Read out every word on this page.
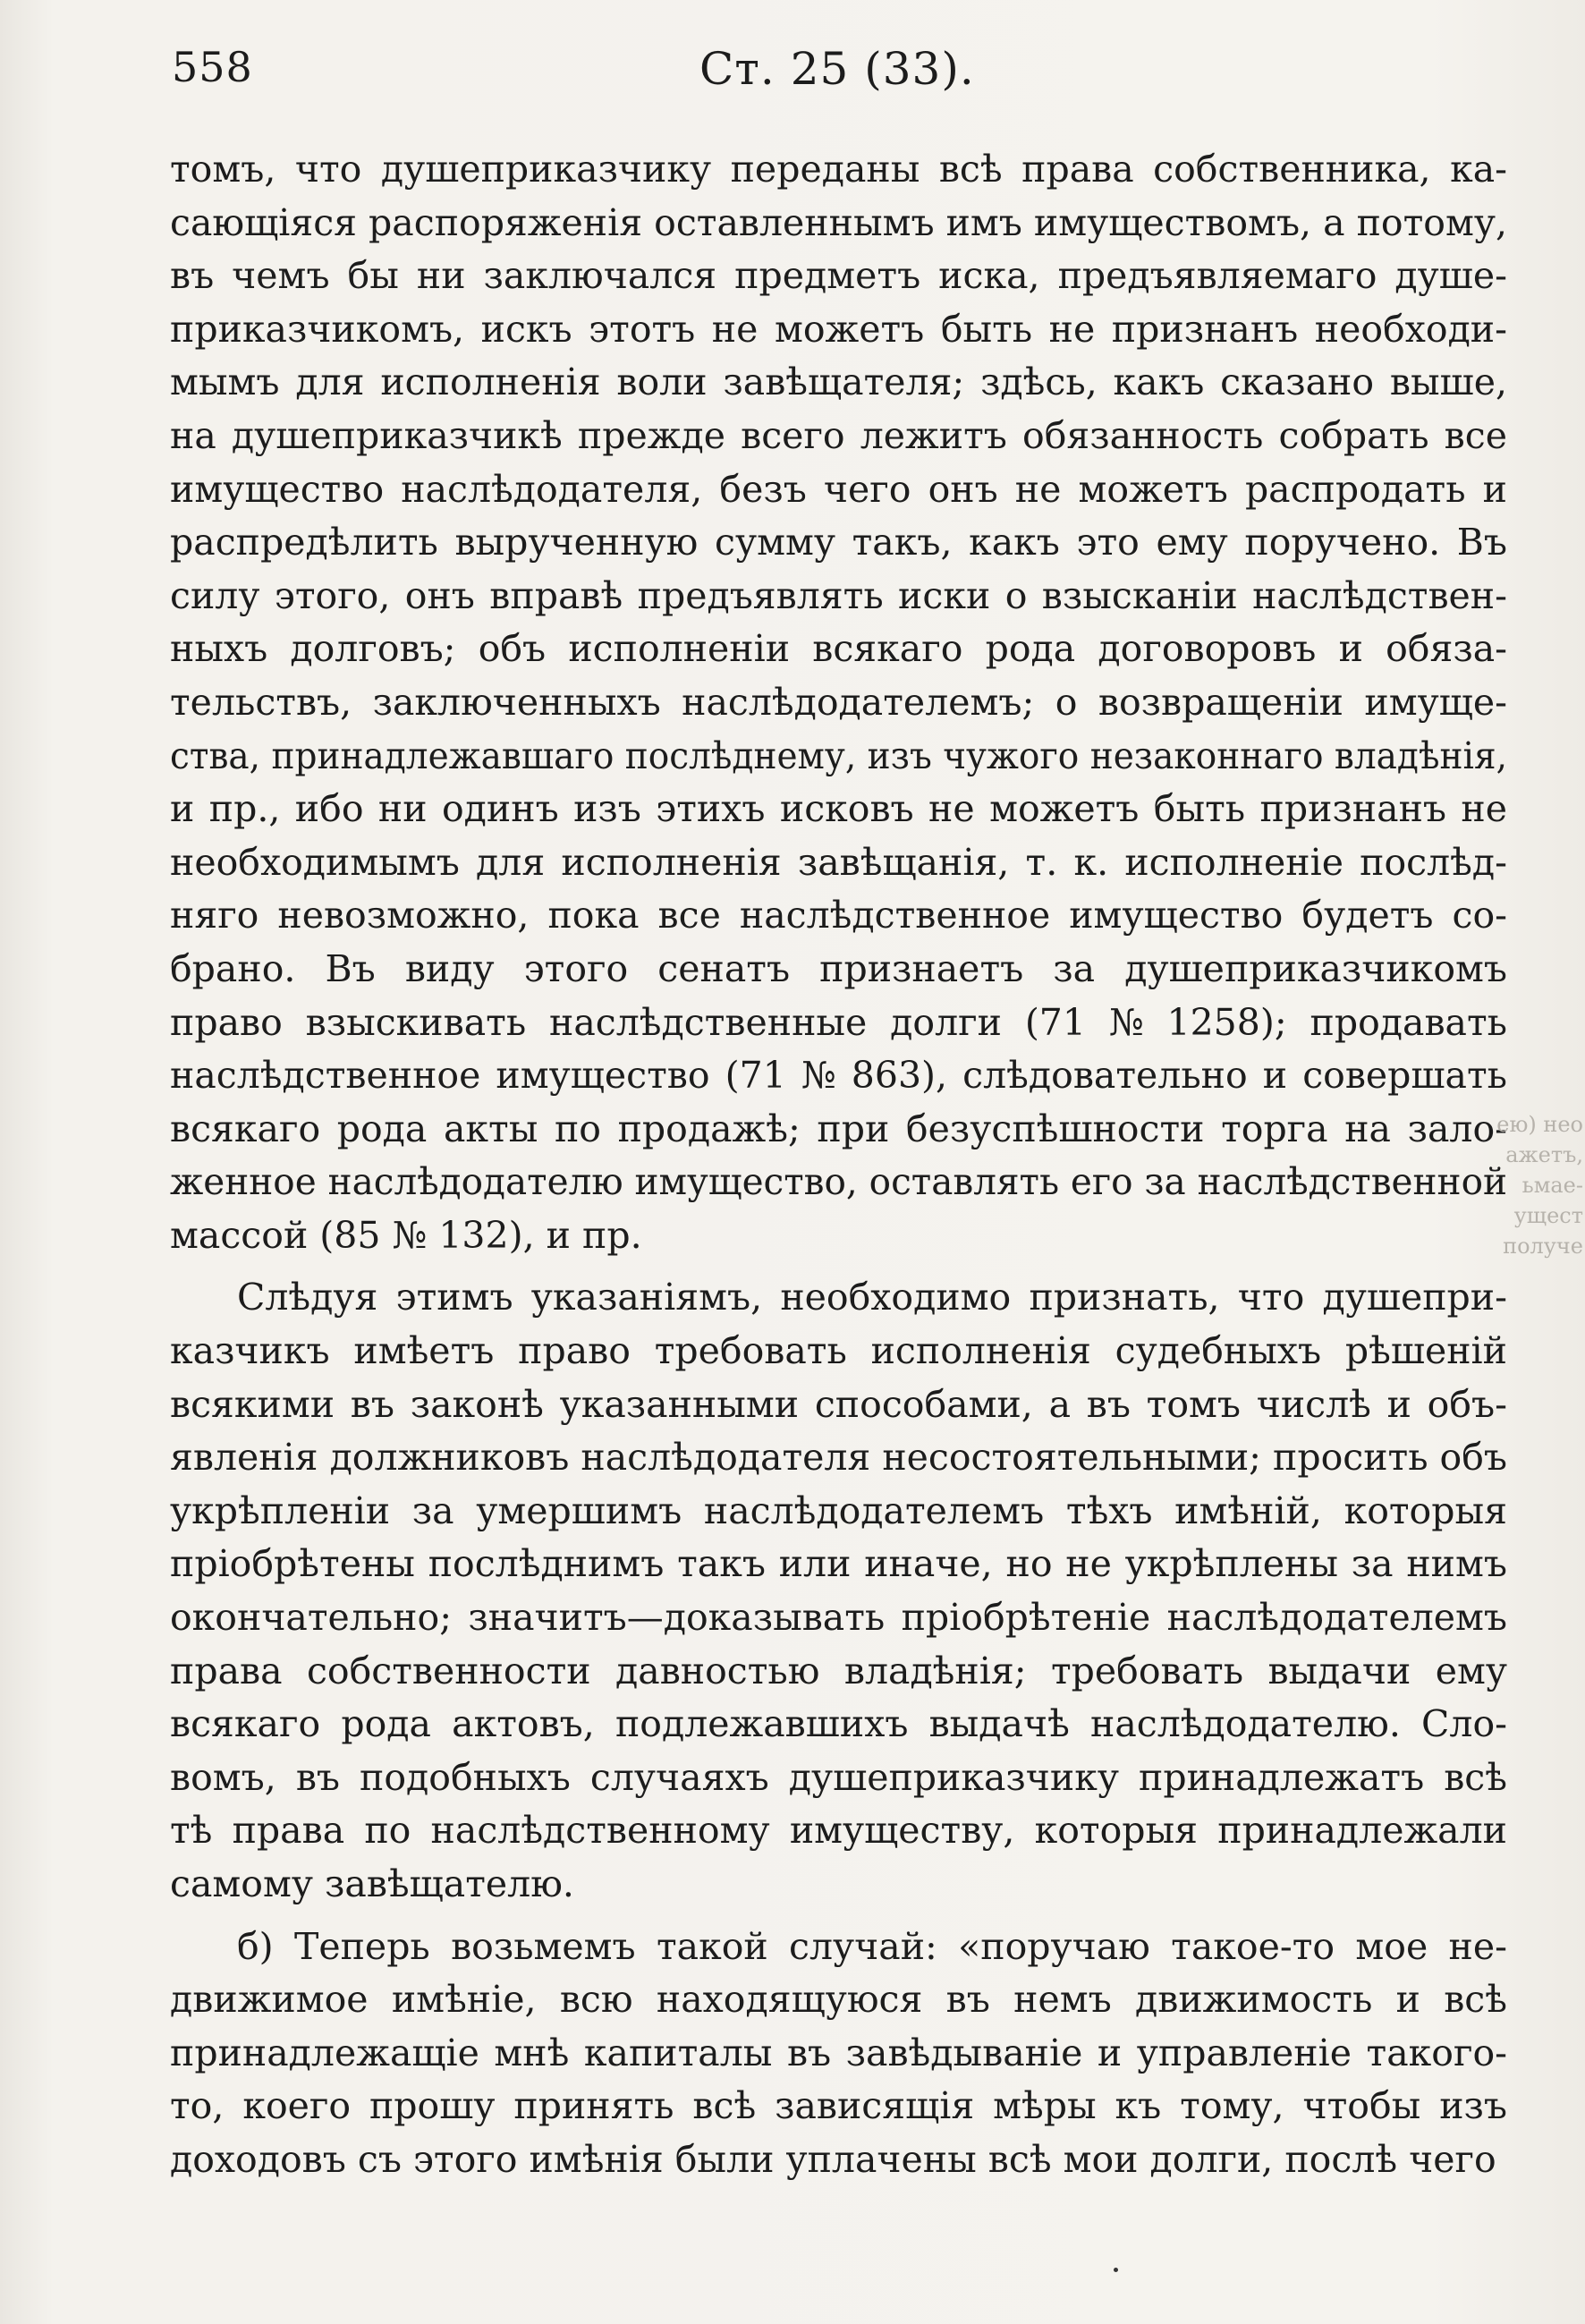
558	Ст. 25 (33).

томъ, что душеприказчику переданы всѣ права собственника, ка-
сающіяся распоряженія оставленнымъ имъ имуществомъ, а потому,
въ чемъ бы ни заключался предметъ иска, предъявляемаго душе-
приказчикомъ, искъ этотъ не можетъ быть не признанъ необходи-
мымъ для исполненія воли завѣщателя; здѣсь, какъ сказано выше,
на душеприказчикѣ прежде всего лежитъ обязанность собрать все
имущество наслѣдодателя, безъ чего онъ не можетъ распродать и
распредѣлить вырученную сумму такъ, какъ это ему поручено. Въ
силу этого, онъ вправѣ предъявлять иски о взысканіи наслѣдствен-
ныхъ долговъ; объ исполненіи всякаго рода договоровъ и обяза-
тельствъ, заключенныхъ наслѣдодателемъ; о возвращеніи имуще-
ства, принадлежавшаго послѣднему, изъ чужого незаконнаго владѣнія,
и пр., ибо ни одинъ изъ этихъ исковъ не можетъ быть признанъ не
необходимымъ для исполненія завѣщанія, т. к. исполненіе послѣд-
няго невозможно, пока все наслѣдственное имущество будетъ со-
брано. Въ виду этого сенатъ признаетъ за душеприказчикомъ
право взыскивать наслѣдственные долги (71 № 1258); продавать
наслѣдственное имущество (71 № 863), слѣдовательно и совершать
всякаго рода акты по продажѣ; при безуспѣшности торга на зало-
женное наслѣдодателю имущество, оставлять его за наслѣдственной
массой (85 № 132), и пр.

Слѣдуя этимъ указаніямъ, необходимо признать, что душепри-
казчикъ имѣетъ право требовать исполненія судебныхъ рѣшеній
всякими въ законѣ указанными способами, а въ томъ числѣ и объ-
явленія должниковъ наслѣдодателя несостоятельными; просить объ
укрѣпленіи за умершимъ наслѣдодателемъ тѣхъ имѣній, которыя
пріобрѣтены послѣднимъ такъ или иначе, но не укрѣплены за нимъ
окончательно; значитъ—доказывать пріобрѣтеніе наслѣдодателемъ
права собственности давностью владѣнія; требовать выдачи ему
всякаго рода актовъ, подлежавшихъ выдачѣ наслѣдодателю. Сло-
вомъ, въ подобныхъ случаяхъ душеприказчику принадлежатъ всѣ
тѣ права по наслѣдственному имуществу, которыя принадлежали
самому завѣщателю.

б) Теперь возьмемъ такой случай: «поручаю такое-то мое не-
движимое имѣніе, всю находящуюся въ немъ движимость и всѣ
принадлежащіе мнѣ капиталы въ завѣдываніе и управленіе такого-
то, коего прошу принять всѣ зависящія мѣры къ тому, чтобы изъ
доходовъ съ этого имѣнія были уплачены всѣ мои долги, послѣ чего

ею) нео
ажетъ,
ьмае-
ущест
получе
